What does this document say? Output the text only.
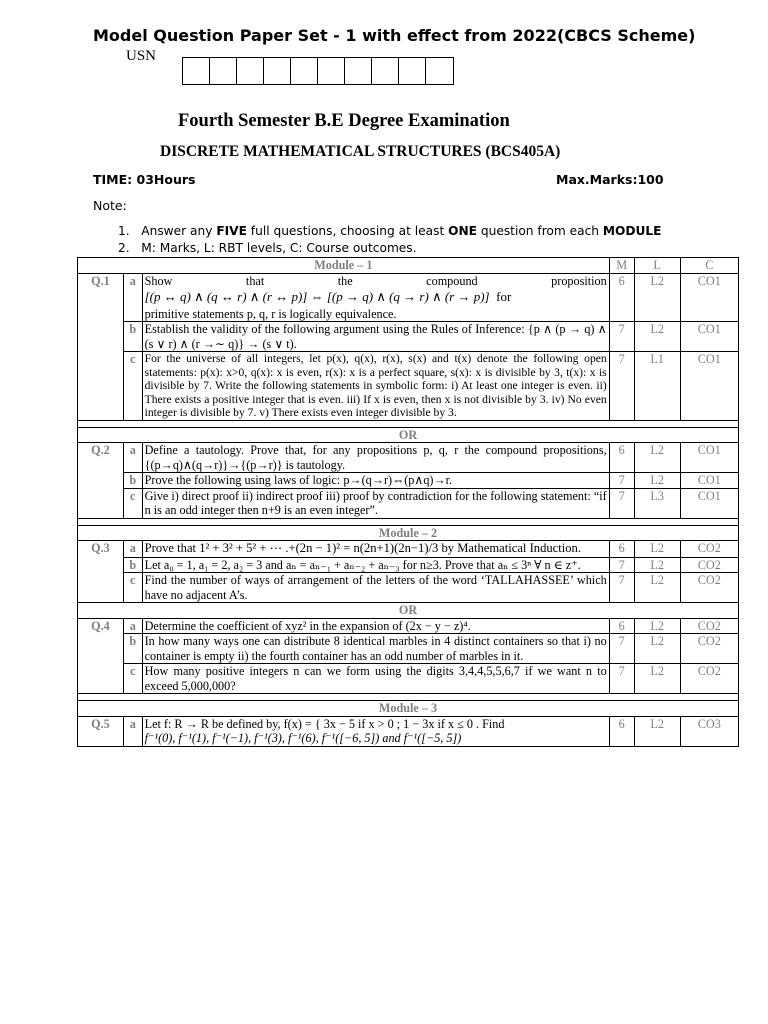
Model Question Paper Set - 1 with effect from 2022(CBCS Scheme)
USN
Fourth Semester B.E Degree Examination
DISCRETE MATHEMATICAL STRUCTURES (BCS405A)
TIME: 03Hours	Max.Marks:100
Note:
1. Answer any FIVE full questions, choosing at least ONE question from each MODULE
2. M: Marks, L: RBT levels, C: Course outcomes.
Module – 1			M	L	C
Q.1	a	Show that the compound proposition
[(p ↔ q) ∧ (q ↔ r) ∧ (r ↔ p)] ⇔ [(p → q) ∧ (q → r) ∧ (r → p)] for
primitive statements p, q, r is logically equivalence.	6	L2	CO1
	b	Establish the validity of the following argument using the Rules of Inference: {p ∧ (p → q) ∧ (s ∨ r) ∧ (r →∼ q)} → (s ∨ t).	7	L2	CO1
	c	For the universe of all integers, let p(x), q(x), r(x), s(x) and t(x) denote the following open statements: p(x): x>0, q(x): x is even, r(x): x is a perfect square, s(x): x is divisible by 3, t(x): x is divisible by 7. Write the following statements in symbolic form: i) At least one integer is even. ii) There exists a positive integer that is even. iii) If x is even, then x is not divisible by 3. iv) No even integer is divisible by 7. v) There exists even integer divisible by 3.	7	L1	CO1

OR					
Q.2	a	Define a tautology. Prove that, for any propositions p, q, r the compound propositions, {(p→q)∧(q→r)}→{(p→r)} is tautology.	6	L2	CO1
	b	Prove the following using laws of logic: p→(q→r)⇔(p∧q)→r.	7	L2	CO1
	c	Give i) direct proof ii) indirect proof iii) proof by contradiction for the following statement: “if n is an odd integer then n+9 is an even integer”.	7	L3	CO1

Module – 2					
Q.3	a	Prove that 1² + 3² + 5² + ⋯ .+(2n − 1)² = n(2n+1)(2n−1)/3 by Mathematical Induction.	6	L2	CO2
	b	Let a₀ = 1, a₁ = 2, a₂ = 3 and aₙ = aₙ₋₁ + aₙ₋₂ + aₙ₋₃ for n≥3. Prove that aₙ ≤ 3ⁿ ∀ n ∈ z⁺.	7	L2	CO2
	c	Find the number of ways of arrangement of the letters of the word ‘TALLAHASSEE’ which have no adjacent A’s.	7	L2	CO2
OR					
Q.4	a	Determine the coefficient of xyz² in the expansion of (2x − y − z)⁴.	6	L2	CO2
	b	In how many ways one can distribute 8 identical marbles in 4 distinct containers so that i) no container is empty ii) the fourth container has an odd number of marbles in it.	7	L2	CO2
	c	How many positive integers n can we form using the digits 3,4,4,5,5,6,7 if we want n to exceed 5,000,000?	7	L2	CO2

Module – 3					
Q.5	a	Let f: R → R be defined by, f(x) = { 3x − 5 if x > 0 ; 1 − 3x if x ≤ 0 . Find
f⁻¹(0), f⁻¹(1), f⁻¹(−1), f⁻¹(3), f⁻¹(6), f⁻¹([−6, 5]) and f⁻¹([−5, 5])	6	L2	CO3
